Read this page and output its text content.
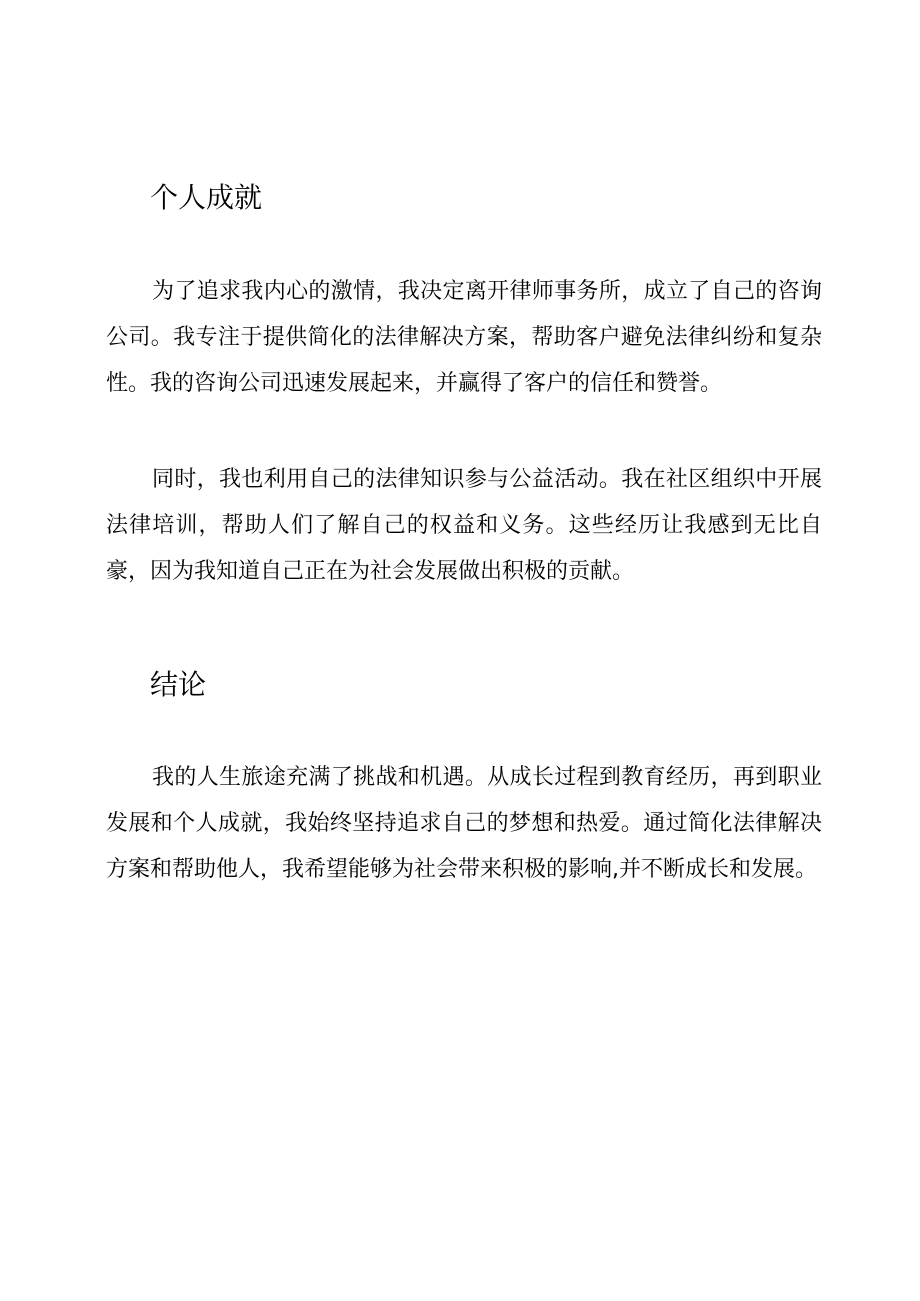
个人成就

为了追求我内心的激情，我决定离开律师事务所，成立了自己的咨询公司。我专注于提供简化的法律解决方案，帮助客户避免法律纠纷和复杂性。我的咨询公司迅速发展起来，并赢得了客户的信任和赞誉。

同时，我也利用自己的法律知识参与公益活动。我在社区组织中开展法律培训，帮助人们了解自己的权益和义务。这些经历让我感到无比自豪，因为我知道自己正在为社会发展做出积极的贡献。

结论

我的人生旅途充满了挑战和机遇。从成长过程到教育经历，再到职业发展和个人成就，我始终坚持追求自己的梦想和热爱。通过简化法律解决方案和帮助他人，我希望能够为社会带来积极的影响,并不断成长和发展。
